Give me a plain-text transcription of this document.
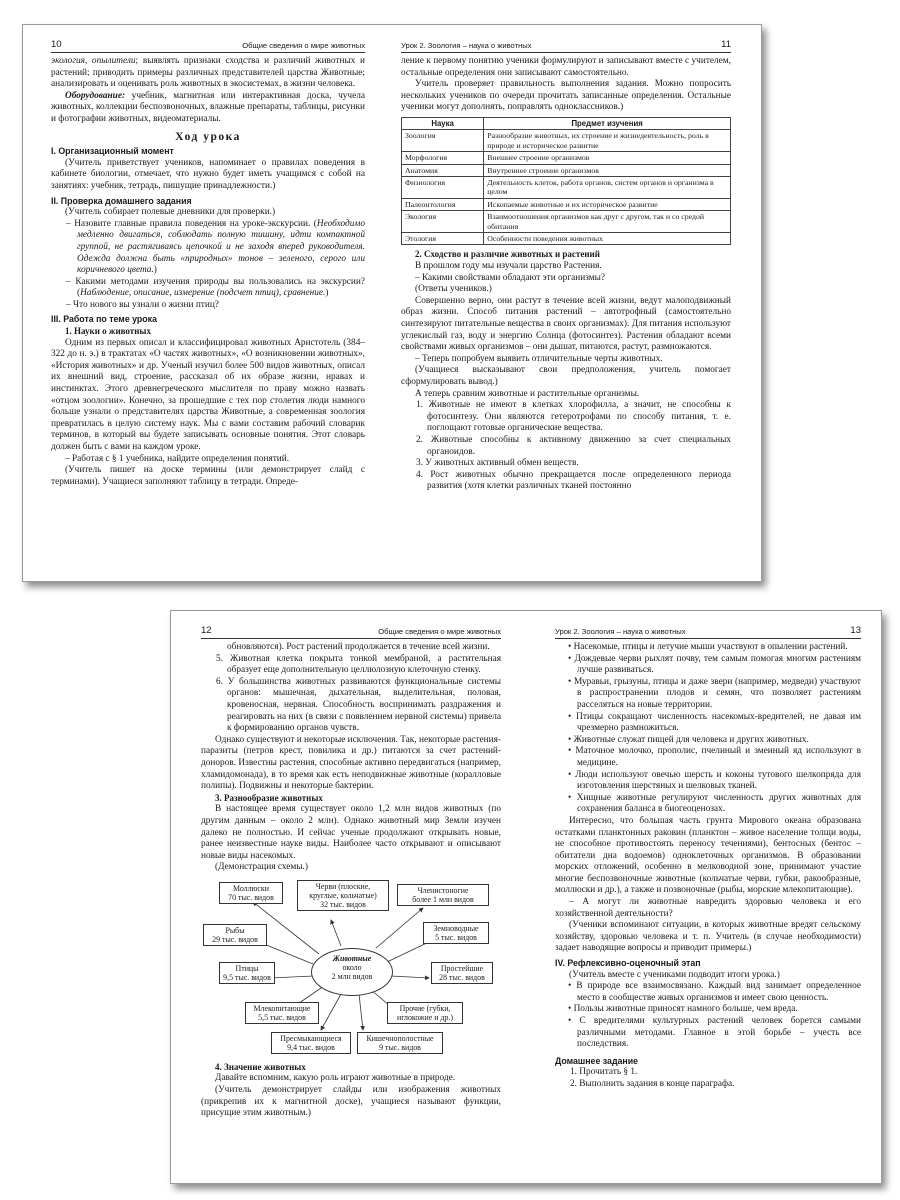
10	Общие сведения о мире животных

экология, опылители; выявлять признаки сходства и различий животных и растений; приводить примеры различных представителей царства Животные; анализировать и оценивать роль животных в экосистемах, в жизни человека.

Оборудование: учебник, магнитная или интерактивная доска, чучела животных, коллекции беспозвоночных, влажные препараты, таблицы, рисунки и фотографии животных, видеоматериалы.

Ход урока
I. Организационный момент

(Учитель приветствует учеников, напоминает о правилах поведения в кабинете биологии, отмечает, что нужно будет иметь учащимся с собой на занятиях: учебник, тетрадь, пишущие принадлежности.)

II. Проверка домашнего задания

(Учитель собирает полевые дневники для проверки.)

– Назовите главные правила поведения на уроке-экскурсии. (Необходимо медленно двигаться, соблюдать полную тишину, идти компактной группой, не растягиваясь цепочкой и не заходя вперед руководителя. Одежда должна быть «природных» тонов – зеленого, серого или коричневого цвета.)
– Какими методами изучения природы вы пользовались на экскурсии? (Наблюдение, описание, измерение (подсчет птиц), сравнение.)
– Что нового вы узнали о жизни птиц?
III. Работа по теме урока

1. Науки о животных

Одним из первых описал и классифицировал животных Аристотель (384–322 до н. э.) в трактатах «О частях животных», «О возникновении животных», «История животных» и др. Ученый изучил более 500 видов животных, описал их внешний вид, строение, рассказал об их образе жизни, нравах и инстинктах. Этого древнегреческого мыслителя по праву можно назвать «отцом зоологии». Конечно, за прошедшие с тех пор столетия люди намного больше узнали о представителях царства Животные, а современная зоология превратилась в целую систему наук. Мы с вами составим рабочий словарик терминов, в который вы будете записывать основные понятия. Этот словарь должен быть с вами на каждом уроке.

– Работая с § 1 учебника, найдите определения понятий.

(Учитель пишет на доске термины (или демонстрирует слайд с терминами). Учащиеся заполняют таблицу в тетради. Опреде-

Урок 2. Зоология – наука о животных	11

ление к первому понятию ученики формулируют и записывают вместе с учителем, остальные определения они записывают самостоятельно.

Учитель проверяет правильность выполнения задания. Можно попросить нескольких учеников по очереди прочитать записанные определения. Остальные ученики могут дополнять, поправлять одноклассников.)

Наука	Предмет изучения
Зоология	Разнообразие животных, их строение и жизнедеятельность, роль в природе и историческое развитие
Морфология	Внешнее строение организмов
Анатомия	Внутреннее строение организмов
Физиология	Деятельность клеток, работа органов, систем органов и организма в целом
Палеонтология	Ископаемые животные и их историческое развитие
Экология	Взаимоотношения организмов как друг с другом, так и со средой обитания
Этология	Особенности поведения животных

2. Сходство и различие животных и растений

В прошлом году мы изучали царство Растения.

– Какими свойствами обладают эти организмы?

(Ответы учеников.)

Совершенно верно, они растут в течение всей жизни, ведут малоподвижный образ жизни. Способ питания растений – автотрофный (самостоятельно синтезируют питательные вещества в своих организмах). Для питания используют углекислый газ, воду и энергию Солнца (фотосинтез). Растения обладают всеми свойствами живых организмов – они дышат, питаются, растут, размножаются.

– Теперь попробуем выявить отличительные черты животных.

(Учащиеся высказывают свои предположения, учитель помогает сформулировать вывод.)

А теперь сравним животные и растительные организмы.

1. Животные не имеют в клетках хлорофилла, а значит, не способны к фотосинтезу. Они являются гетеротрофами по способу питания, т. е. поглощают готовые органические вещества.
2. Животные способны к активному движению за счет специальных органоидов.
3. У животных активный обмен веществ.
4. Рост животных обычно прекращается после определенного периода развития (хотя клетки различных тканей постоянно
12	Общие сведения о мире животных

обновляются). Рост растений продолжается в течение всей жизни.

5. Животная клетка покрыта тонкой мембраной, а растительная образует еще дополнительную целлюлозную клеточную стенку.
6. У большинства животных развиваются функциональные системы органов: мышечная, дыхательная, выделительная, половая, кровеносная, нервная. Способность воспринимать раздражения и реагировать на них (в связи с появлением нервной системы) привела к формированию органов чувств.

Однако существуют и некоторые исключения. Так, некоторые растения-паразиты (петров крест, повилика и др.) питаются за счет растений-доноров. Известны растения, способные активно передвигаться (например, хламидомонада), в то время как есть неподвижные животные (коралловые полипы). Подвижны и некоторые бактерии.

3. Разнообразие животных

В настоящее время существует около 1,2 млн видов животных (по другим данным – около 2 млн). Однако животный мир Земли изучен далеко не полностью. И сейчас ученые продолжают открывать новые, ранее неизвестные науке виды. Наиболее часто открывают и описывают новые виды насекомых.

(Демонстрация схемы.)

Моллюски
70 тыс. видов
Черви (плоские,
круглые, кольчатые)
32 тыс. видов
Членистоногие
более 1 млн видов
Рыбы
29 тыс. видов
Земноводные
5 тыс. видов
Птицы
9,5 тыс. видов
Простейшие
28 тыс. видов
Животные
около
2 млн видов
Млекопитающие
5,5 тыс. видов
Прочие (губки,
иглокожие и др.)
Пресмыкающиеся
9,4 тыс. видов
Кишечнополостные
9 тыс. видов

4. Значение животных

Давайте вспомним, какую роль играют животные в природе.

(Учитель демонстрирует слайды или изображения животных (прикрепив их к магнитной доске), учащиеся называют функции, присущие этим животным.)

Урок 2. Зоология – наука о животных	13
• Насекомые, птицы и летучие мыши участвуют в опылении растений.
• Дождевые черви рыхлят почву, тем самым помогая многим растениям лучше развиваться.
• Муравьи, грызуны, птицы и даже звери (например, медведи) участвуют в распространении плодов и семян, что позволяет растениям расселяться на новые территории.
• Птицы сокращают численность насекомых-вредителей, не давая им чрезмерно размножиться.
• Животные служат пищей для человека и других животных.
• Маточное молочко, прополис, пчелиный и змеиный яд используют в медицине.
• Люди используют овечью шерсть и коконы тутового шелкопряда для изготовления шерстяных и шелковых тканей.
• Хищные животные регулируют численность других животных для сохранения баланса в биогеоценозах.

Интересно, что большая часть грунта Мирового океана образована остатками планктонных раковин (планктон – живое население толщи воды, не способное противостоять переносу течениями), бентосных (бентос – обитатели дна водоемов) одноклеточных организмов. В образовании морских отложений, особенно в мелководной зоне, принимают участие многие беспозвоночные животные (кольчатые черви, губки, ракообразные, моллюски и др.), а также и позвоночные (рыбы, морские млекопитающие).

– А могут ли животные навредить здоровью человека и его хозяйственной деятельности?

(Ученики вспоминают ситуации, в которых животные вредят сельскому хозяйству, здоровью человека и т. п. Учитель (в случае необходимости) задает наводящие вопросы и приводит примеры.)

IV. Рефлексивно-оценочный этап

(Учитель вместе с учениками подводит итоги урока.)

• В природе все взаимосвязано. Каждый вид занимает определенное место в сообществе живых организмов и имеет свою ценность.
• Пользы животные приносят намного больше, чем вреда.
• С вредителями культурных растений человек борется самыми различными методами. Главное в этой борьбе – учесть все последствия.
Домашнее задание
1. Прочитать § 1.
2. Выполнить задания в конце параграфа.
